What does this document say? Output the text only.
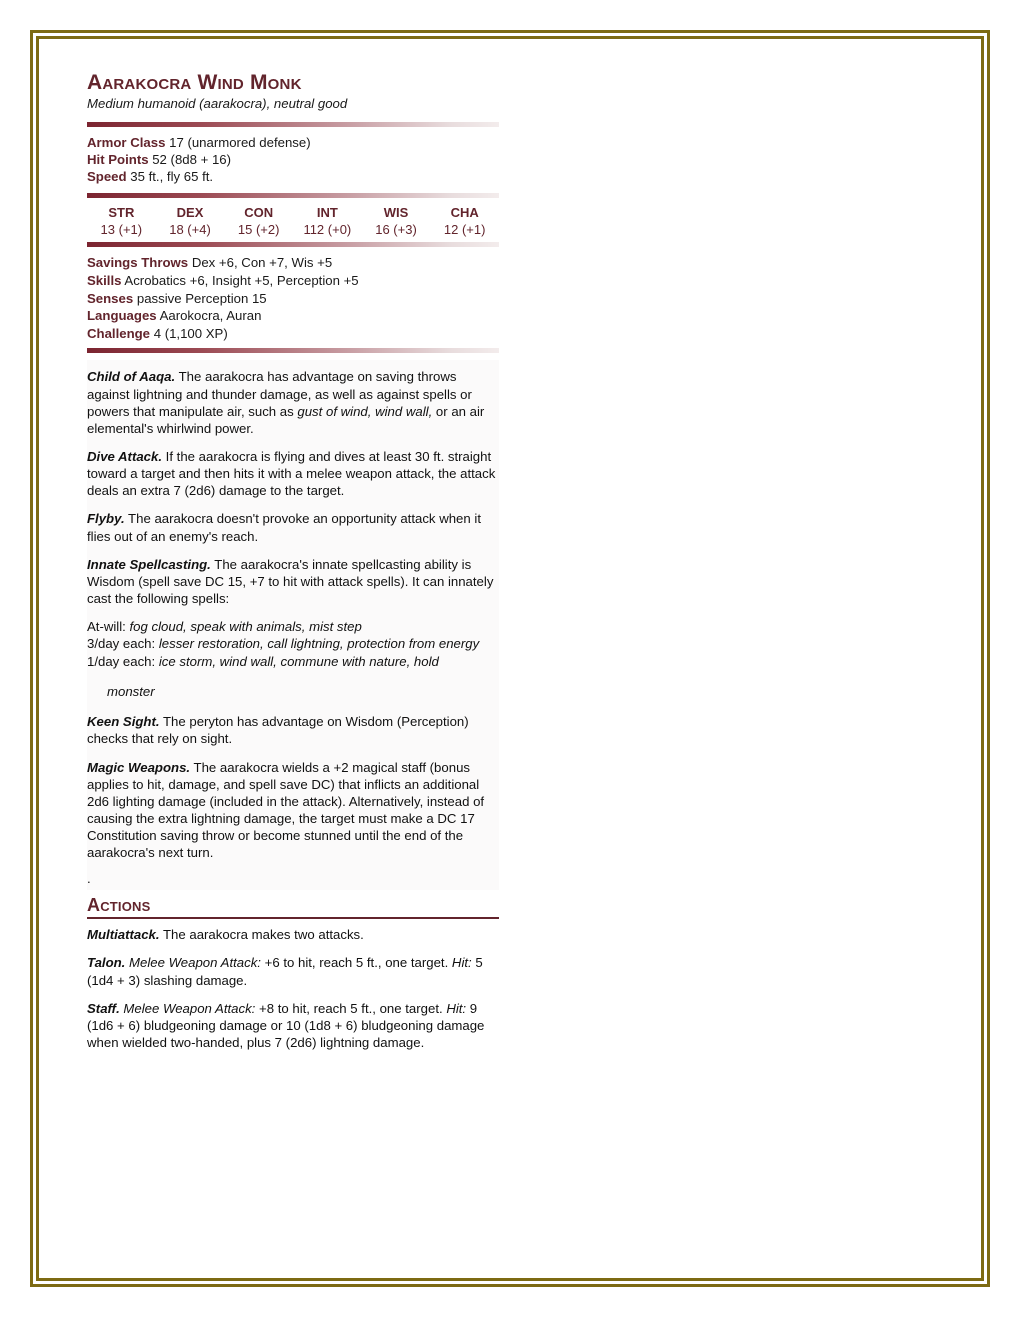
Aarakocra Wind Monk
Medium humanoid (aarakocra), neutral good
Armor Class 17 (unarmored defense)
Hit Points 52 (8d8 + 16)
Speed 35 ft., fly 65 ft.
STR
13 (+1)
DEX
18 (+4)
CON
15 (+2)
INT
112 (+0)
WIS
16 (+3)
CHA
12 (+1)
Savings Throws Dex +6, Con +7, Wis +5
Skills Acrobatics +6, Insight +5, Perception +5
Senses passive Perception 15
Languages Aarokocra, Auran
Challenge 4 (1,100 XP)

Child of Aaqa. The aarakocra has advantage on saving throws against lightning and thunder damage, as well as against spells or powers that manipulate air, such as gust of wind, wind wall, or an air elemental's whirlwind power.

Dive Attack. If the aarakocra is flying and dives at least 30 ft. straight toward a target and then hits it with a melee weapon attack, the attack deals an extra 7 (2d6) damage to the target.

Flyby. The aarakocra doesn't provoke an opportunity attack when it flies out of an enemy's reach.

Innate Spellcasting. The aarakocra's innate spellcasting ability is Wisdom (spell save DC 15, +7 to hit with attack spells). It can innately cast the following spells:

At-will: fog cloud, speak with animals, mist step

3/day each: lesser restoration, call lightning, protection from energy

1/day each: ice storm, wind wall, commune with nature, hold

monster

Keen Sight. The peryton has advantage on Wisdom (Perception) checks that rely on sight.

Magic Weapons. The aarakocra wields a +2 magical staff (bonus applies to hit, damage, and spell save DC) that inflicts an additional 2d6 lighting damage (included in the attack). Alternatively, instead of causing the extra lightning damage, the target must make a DC 17 Constitution saving throw or become stunned until the end of the aarakocra's next turn.

.

Actions

Multiattack. The aarakocra makes two attacks.

Talon. Melee Weapon Attack: +6 to hit, reach 5 ft., one target. Hit: 5 (1d4 + 3) slashing damage.

Staff. Melee Weapon Attack: +8 to hit, reach 5 ft., one target. Hit: 9 (1d6 + 6) bludgeoning damage or 10 (1d8 + 6) bludgeoning damage when wielded two-handed, plus 7 (2d6) lightning damage.
